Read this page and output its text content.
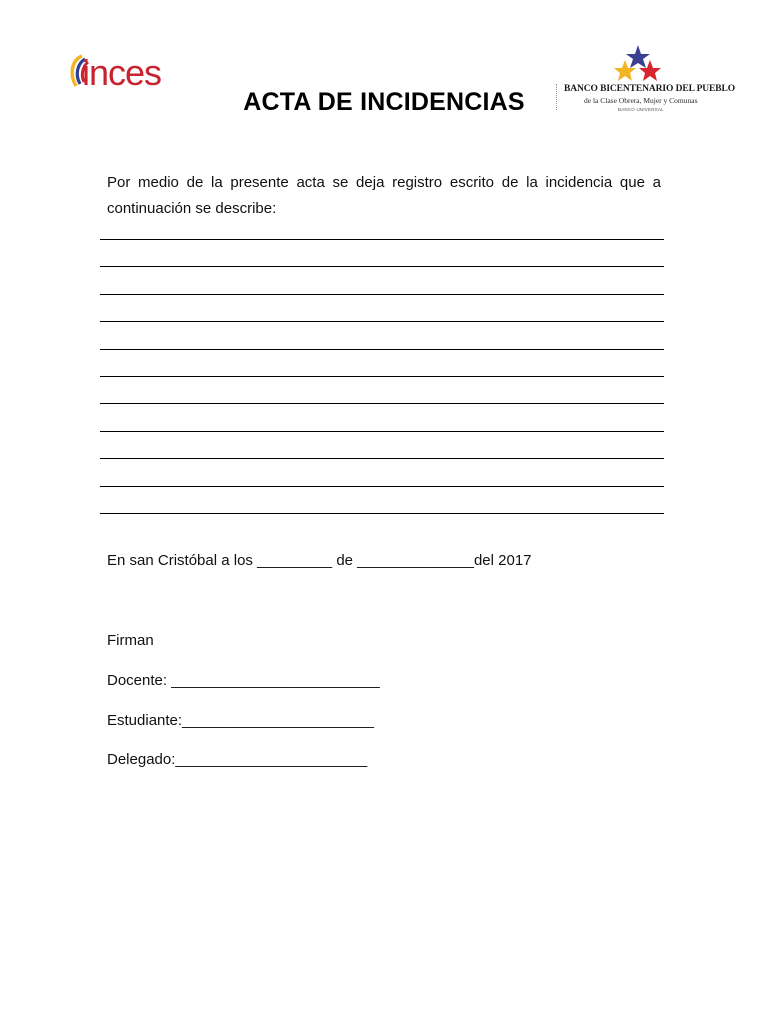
inces
ACTA DE INCIDENCIAS	BANCO BICENTENARIO DEL PUEBLO
de la Clase Obrera, Mujer y Comunas
BANCO UNIVERSAL
Por medio de la presente acta se deja registro escrito de la incidencia que a continuación se describe:
En san Cristóbal a los _________ de ______________del 2017
Firman
Docente: _________________________
Estudiante:_______________________
Delegado:_______________________
